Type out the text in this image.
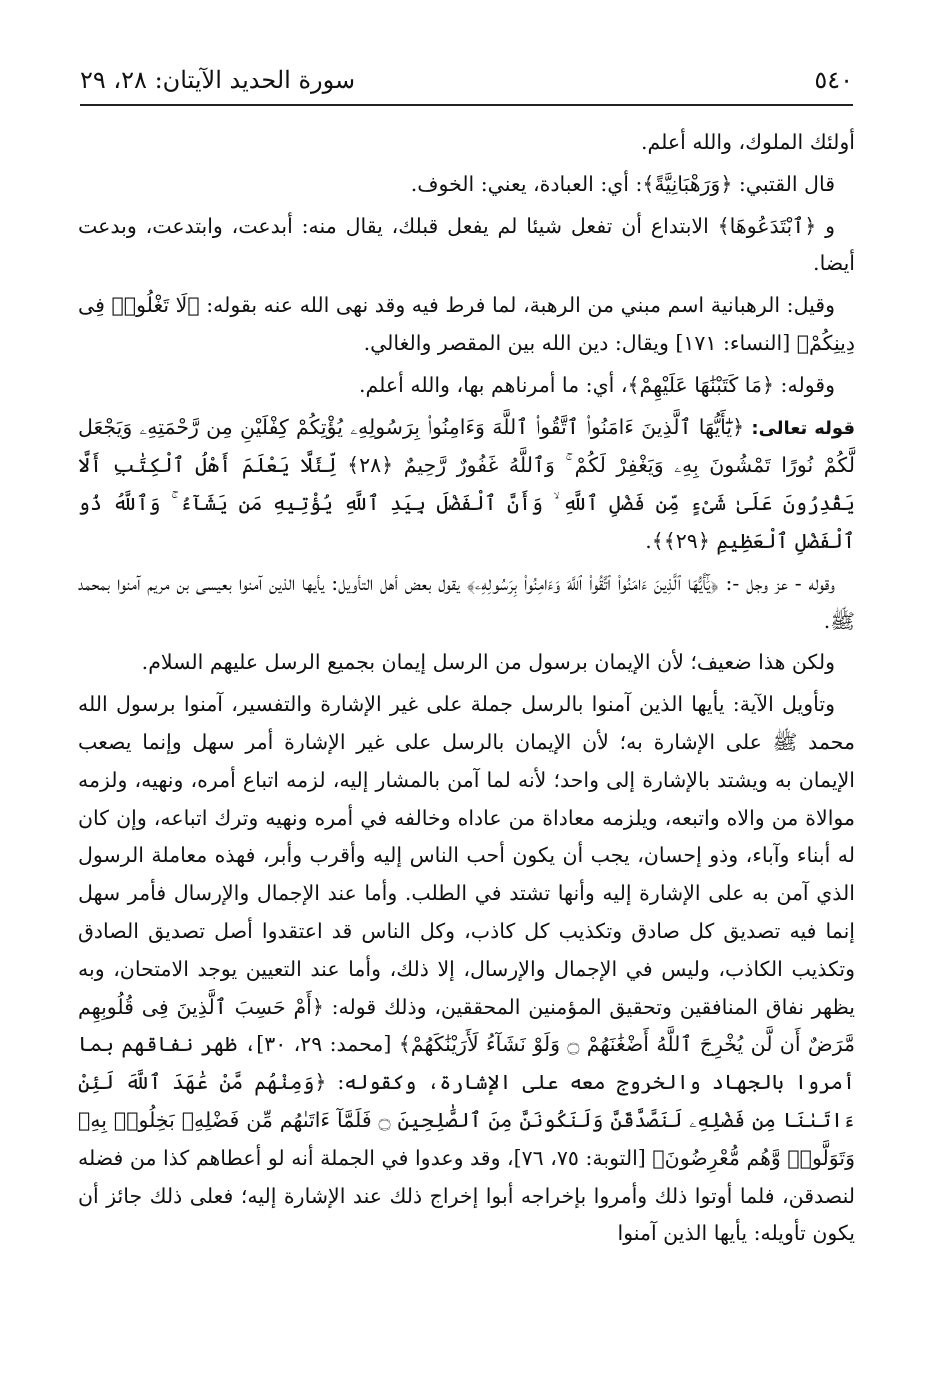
٥٤٠
سورة الحديد الآيتان: ٢٨، ٢٩

أولئك الملوك، والله أعلم.

قال القتبي: ﴿وَرَهْبَانِيَّةً﴾: أي: العبادة، يعني: الخوف.

و ﴿ٱبْتَدَعُوهَا﴾ الابتداع أن تفعل شيئا لم يفعل قبلك، يقال منه: أبدعت، وابتدعت، وبدعت أيضا.

وقيل: الرهبانية اسم مبني من الرهبة، لما فرط فيه وقد نهى الله عنه بقوله: ﴿لَا تَغْلُوا۟ فِى دِينِكُمْ﴾ [النساء: ١٧١] ويقال: دين الله بين المقصر والغالي.

وقوله: ﴿مَا كَتَبْنَٰهَا عَلَيْهِمْ﴾، أي: ما أمرناهم بها، والله أعلم.

قوله تعالى: ﴿يَٰٓأَيُّهَا ٱلَّذِينَ ءَامَنُوا۟ ٱتَّقُوا۟ ٱللَّهَ وَءَامِنُوا۟ بِرَسُولِهِۦ يُؤْتِكُمْ كِفْلَيْنِ مِن رَّحْمَتِهِۦ وَيَجْعَل لَّكُمْ نُورًا تَمْشُونَ بِهِۦ وَيَغْفِرْ لَكُمْ ۚ وَٱللَّهُ غَفُورٌ رَّحِيمٌ ﴿٢٨﴾ لِّئَلَّا يَعْلَمَ أَهْلُ ٱلْكِتَٰبِ أَلَّا يَقْدِرُونَ عَلَىٰ شَىْءٍ مِّن فَضْلِ ٱللَّهِ ۙ وَأَنَّ ٱلْفَضْلَ بِيَدِ ٱللَّهِ يُؤْتِيهِ مَن يَشَآءُ ۚ وَٱللَّهُ ذُو ٱلْفَضْلِ ٱلْعَظِيمِ ﴿٢٩﴾﴾.

وقوله - عز وجل -: ﴿يَٰٓأَيُّهَا ٱلَّذِينَ ءَامَنُوا۟ ٱتَّقُوا۟ ٱللَّهَ وَءَامِنُوا۟ بِرَسُولِهِۦ﴾ يقول بعض أهل التأويل: يأيها الذين آمنوا بعيسى بن مريم آمنوا بمحمد ﷺ.

ولكن هذا ضعيف؛ لأن الإيمان برسول من الرسل إيمان بجميع الرسل عليهم السلام.

وتأويل الآية: يأيها الذين آمنوا بالرسل جملة على غير الإشارة والتفسير، آمنوا برسول الله محمد ﷺ على الإشارة به؛ لأن الإيمان بالرسل على غير الإشارة أمر سهل وإنما يصعب الإيمان به ويشتد بالإشارة إلى واحد؛ لأنه لما آمن بالمشار إليه، لزمه اتباع أمره، ونهيه، ولزمه موالاة من والاه واتبعه، ويلزمه معاداة من عاداه وخالفه في أمره ونهيه وترك اتباعه، وإن كان له أبناء وآباء، وذو إحسان، يجب أن يكون أحب الناس إليه وأقرب وأبر، فهذه معاملة الرسول الذي آمن به على الإشارة إليه وأنها تشتد في الطلب. وأما عند الإجمال والإرسال فأمر سهل إنما فيه تصديق كل صادق وتكذيب كل كاذب، وكل الناس قد اعتقدوا أصل تصديق الصادق وتكذيب الكاذب، وليس في الإجمال والإرسال، إلا ذلك، وأما عند التعيين يوجد الامتحان، وبه يظهر نفاق المنافقين وتحقيق المؤمنين المحققين، وذلك قوله: ﴿أَمْ حَسِبَ ٱلَّذِينَ فِى قُلُوبِهِم مَّرَضٌ أَن لَّن يُخْرِجَ ٱللَّهُ أَضْغَٰنَهُمْ ۝ وَلَوْ نَشَآءُ لَأَرَيْنَٰكَهُمْ﴾ [محمد: ٢٩، ٣٠]، ظهر نفاقهم بما أمروا بالجهاد والخروج معه على الإشارة، وكقوله: ﴿وَمِنْهُم مَّنْ عَٰهَدَ ٱللَّهَ لَئِنْ ءَاتَىٰنَا مِن فَضْلِهِۦ لَنَصَّدَّقَنَّ وَلَنَكُونَنَّ مِنَ ٱلصَّٰلِحِينَ ۝ فَلَمَّآ ءَاتَىٰهُم مِّن فَضْلِهِۦ بَخِلُوا۟ بِهِۦ وَتَوَلَّوا۟ وَّهُم مُّعْرِضُونَ﴾ [التوبة: ٧٥، ٧٦]، وقد وعدوا في الجملة أنه لو أعطاهم كذا من فضله لنصدقن، فلما أوتوا ذلك وأمروا بإخراجه أبوا إخراج ذلك عند الإشارة إليه؛ فعلى ذلك جائز أن يكون تأويله: يأيها الذين آمنوا
